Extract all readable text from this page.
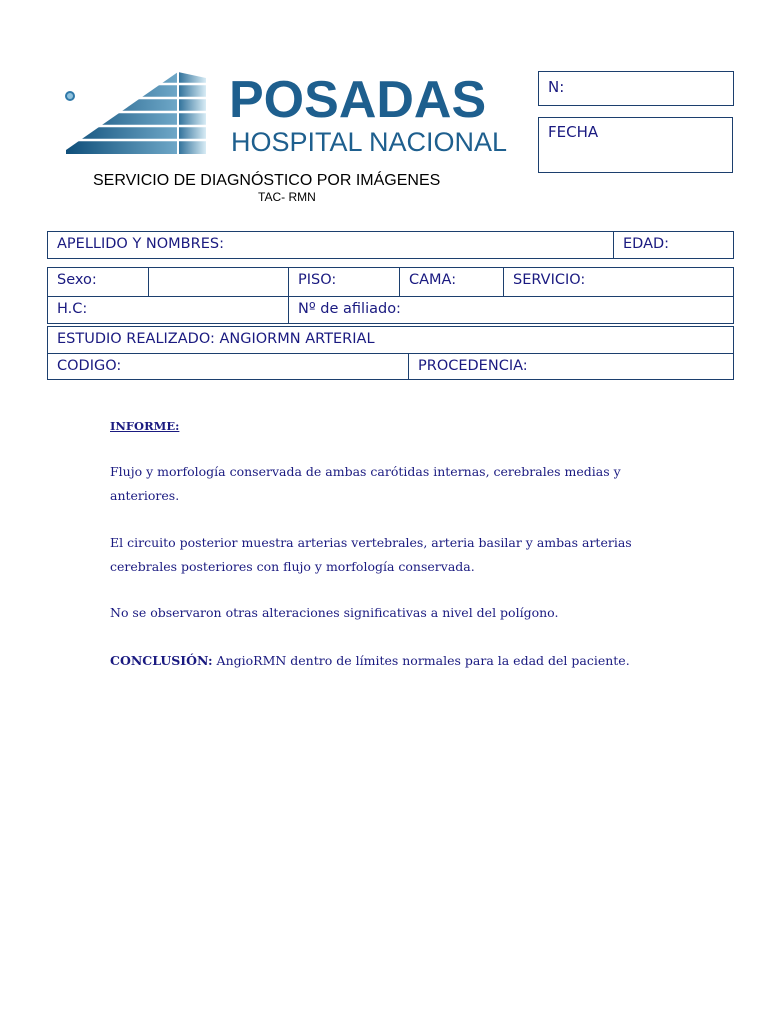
POSADAS
HOSPITAL NACIONAL
N:
FECHA
SERVICIO DE DIAGNÓSTICO POR IMÁGENES
TAC- RMN
APELLIDO Y NOMBRES:	EDAD:
Sexo:	PISO:	CAMA:	SERVICIO:
H.C:	Nº de afiliado:
ESTUDIO REALIZADO: ANGIORMN ARTERIAL
CODIGO:	PROCEDENCIA:
INFORME:
Flujo y morfología conservada de ambas carótidas internas, cerebrales medias y anteriores.
El circuito posterior muestra arterias vertebrales, arteria basilar y ambas arterias cerebrales posteriores con flujo y morfología conservada.
No se observaron otras alteraciones significativas a nivel del polígono.
CONCLUSIÓN: AngioRMN dentro de límites normales para la edad del paciente.
